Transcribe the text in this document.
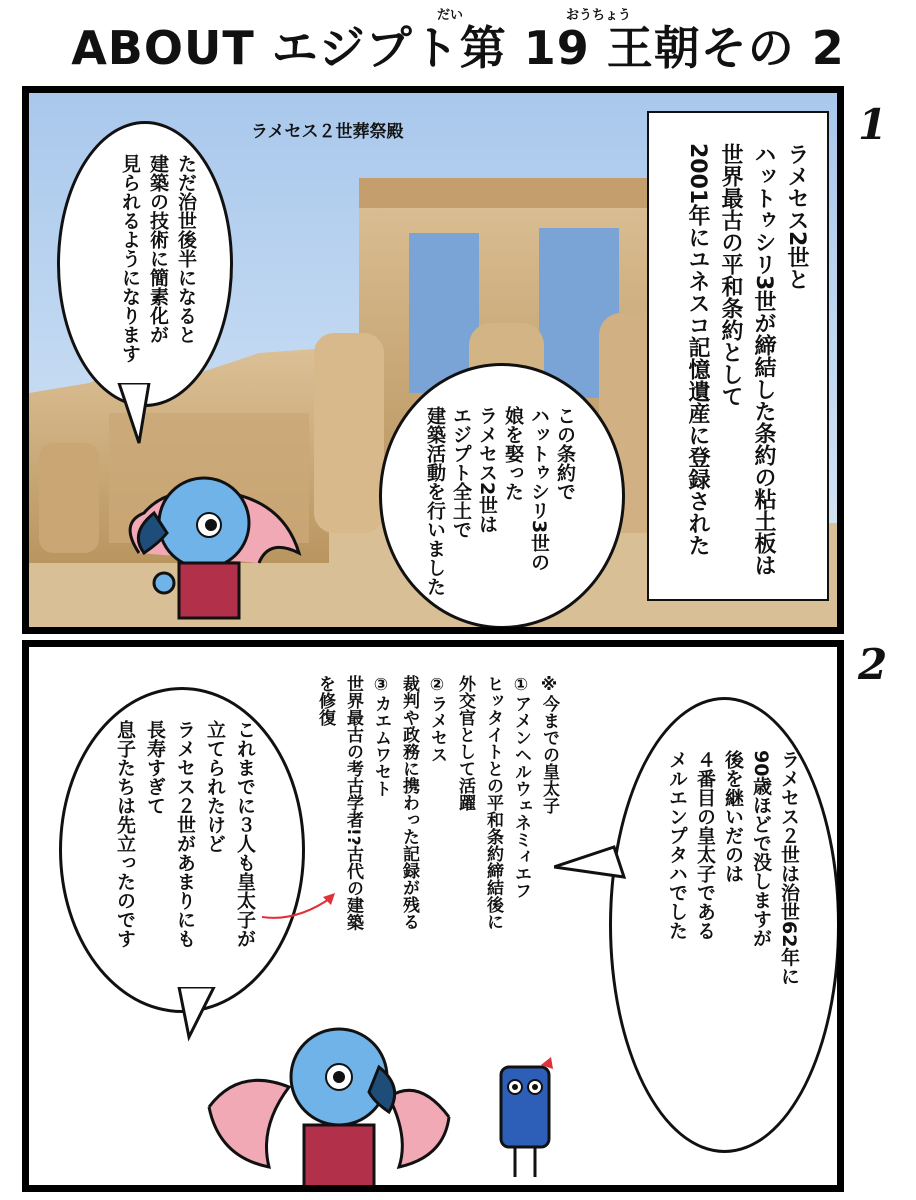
ABOUT エジプト第 19 王朝その 2
だい	おうちょう
ラメセス２世葬祭殿
ラメセス2世と
ハットゥシリ3世が締結した条約の粘土板は
世界最古の平和条約として
2001年にユネスコ記憶遺産に登録された
ただ治世後半になると
建築の技術に簡素化が
見られるようになります
この条約で
ハットゥシリ3世の
娘を娶った
ラメセス2世は
エジプト全土で
建築活動を行いました
1
ラメセス２世は治世62年に
90歳ほどで没しますが
後を継いだのは
４番目の皇太子である
メルエンプタハでした
※今までの皇太子
①アメンヘルウェネミィエフ
ヒッタイトとの平和条約締結後に
外交官として活躍
②ラメセス
裁判や政務に携わった記録が残る
③カエムワセト
世界最古の考古学者!?古代の建築
を修復
これまでに３人も皇太子が
立てられたけど
ラメセス２世があまりにも
長寿すぎて
息子たちは先立ったのです
2
